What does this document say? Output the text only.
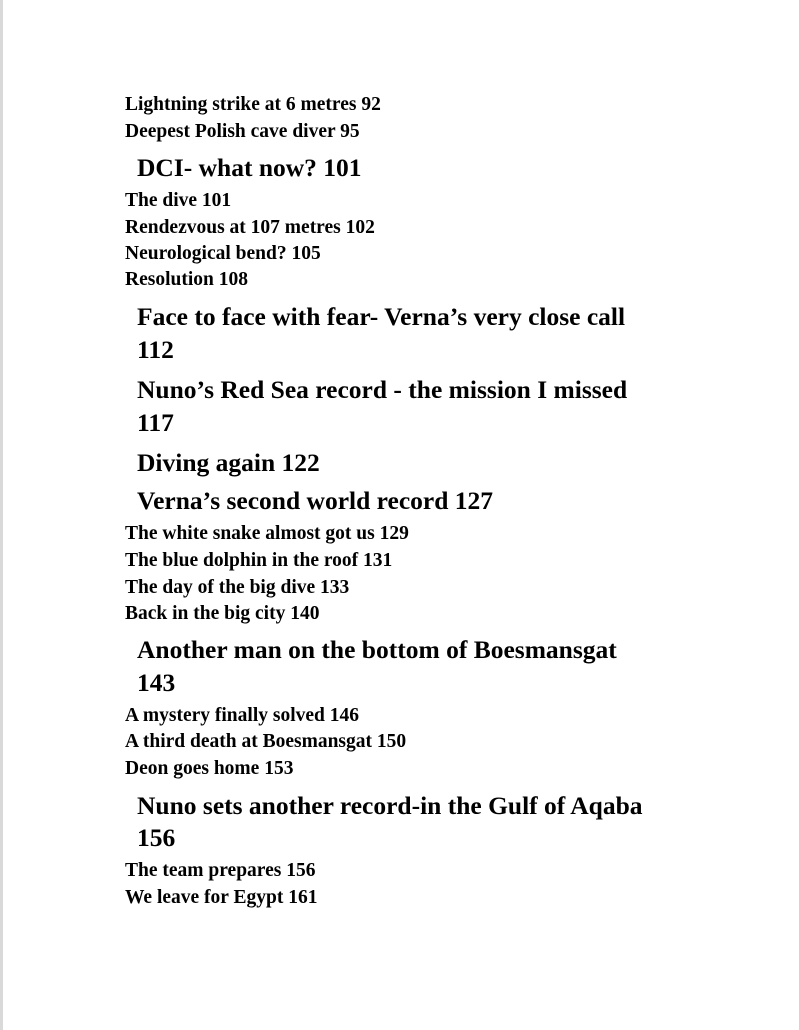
Lightning strike at 6 metres 92
Deepest Polish cave diver 95
DCI- what now? 101
The dive 101
Rendezvous at 107 metres 102
Neurological bend? 105
Resolution 108
Face to face with fear- Verna’s very close call
112
Nuno’s Red Sea record - the mission I missed
117
Diving again 122
Verna’s second world record 127
The white snake almost got us 129
The blue dolphin in the roof 131
The day of the big dive 133
Back in the big city 140
Another man on the bottom of Boesmansgat
143
A mystery finally solved 146
A third death at Boesmansgat 150
Deon goes home 153
Nuno sets another record-in the Gulf of Aqaba
156
The team prepares 156
We leave for Egypt 161
